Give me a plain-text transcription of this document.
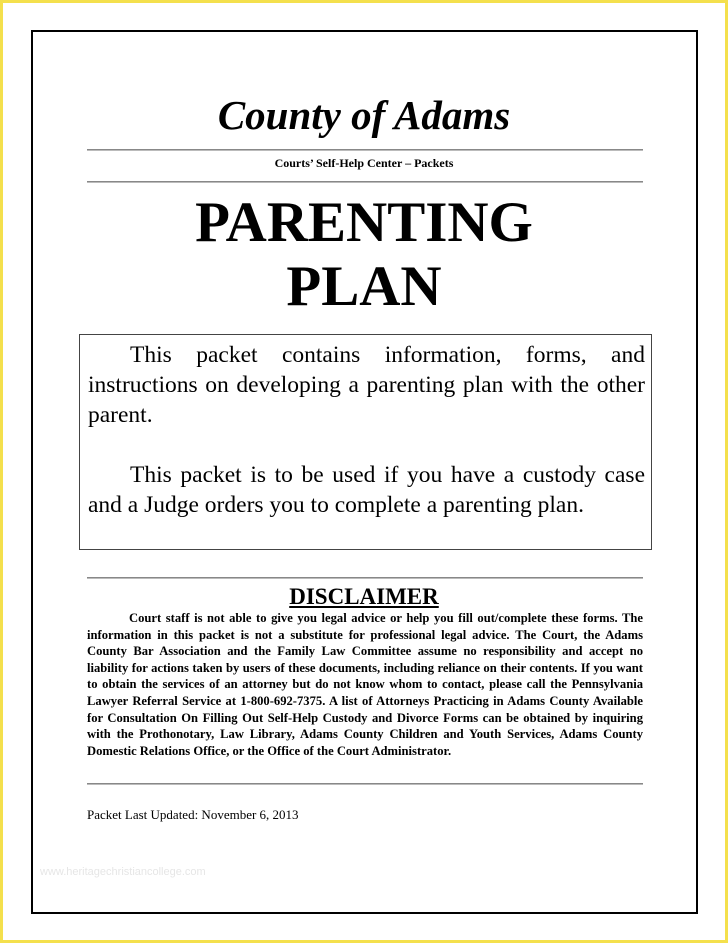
County of Adams
Courts’ Self-Help Center – Packets
PARENTING
PLAN

This packet contains information, forms, and instructions on developing a parenting plan with the other parent.

This packet is to be used if you have a custody case and a Judge orders you to complete a parenting plan.

DISCLAIMER

Court staff is not able to give you legal advice or help you fill out/complete these forms. The information in this packet is not a substitute for professional legal advice. The Court, the Adams County Bar Association and the Family Law Committee assume no responsibility and accept no liability for actions taken by users of these documents, including reliance on their contents. If you want to obtain the services of an attorney but do not know whom to contact, please call the Pennsylvania Lawyer Referral Service at 1-800-692-7375. A list of Attorneys Practicing in Adams County Available for Consultation On Filling Out Self-Help Custody and Divorce Forms can be obtained by inquiring with the Prothonotary, Law Library, Adams County Children and Youth Services, Adams County Domestic Relations Office, or the Office of the Court Administrator.

Packet Last Updated: November 6, 2013
www.heritagechristiancollege.com
